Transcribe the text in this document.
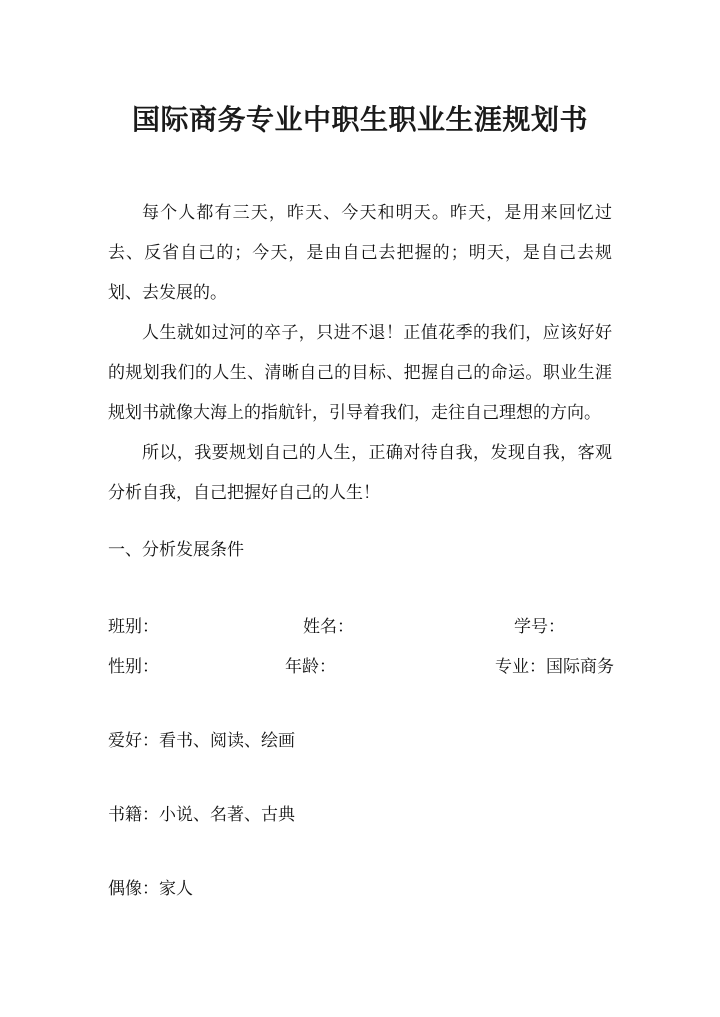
国际商务专业中职生职业生涯规划书

每个人都有三天，昨天、今天和明天。昨天，是用来回忆过去、反省自己的；今天，是由自己去把握的；明天，是自己去规划、去发展的。

人生就如过河的卒子，只进不退！正值花季的我们，应该好好的规划我们的人生、清晰自己的目标、把握自己的命运。职业生涯规划书就像大海上的指航针，引导着我们，走往自己理想的方向。

所以，我要规划自己的人生，正确对待自我，发现自我，客观分析自我，自己把握好自己的人生！

一、分析发展条件
班别：	姓名：	学号：
性别：	年龄：	专业：国际商务

爱好：看书、阅读、绘画

书籍：小说、名著、古典

偶像：家人
